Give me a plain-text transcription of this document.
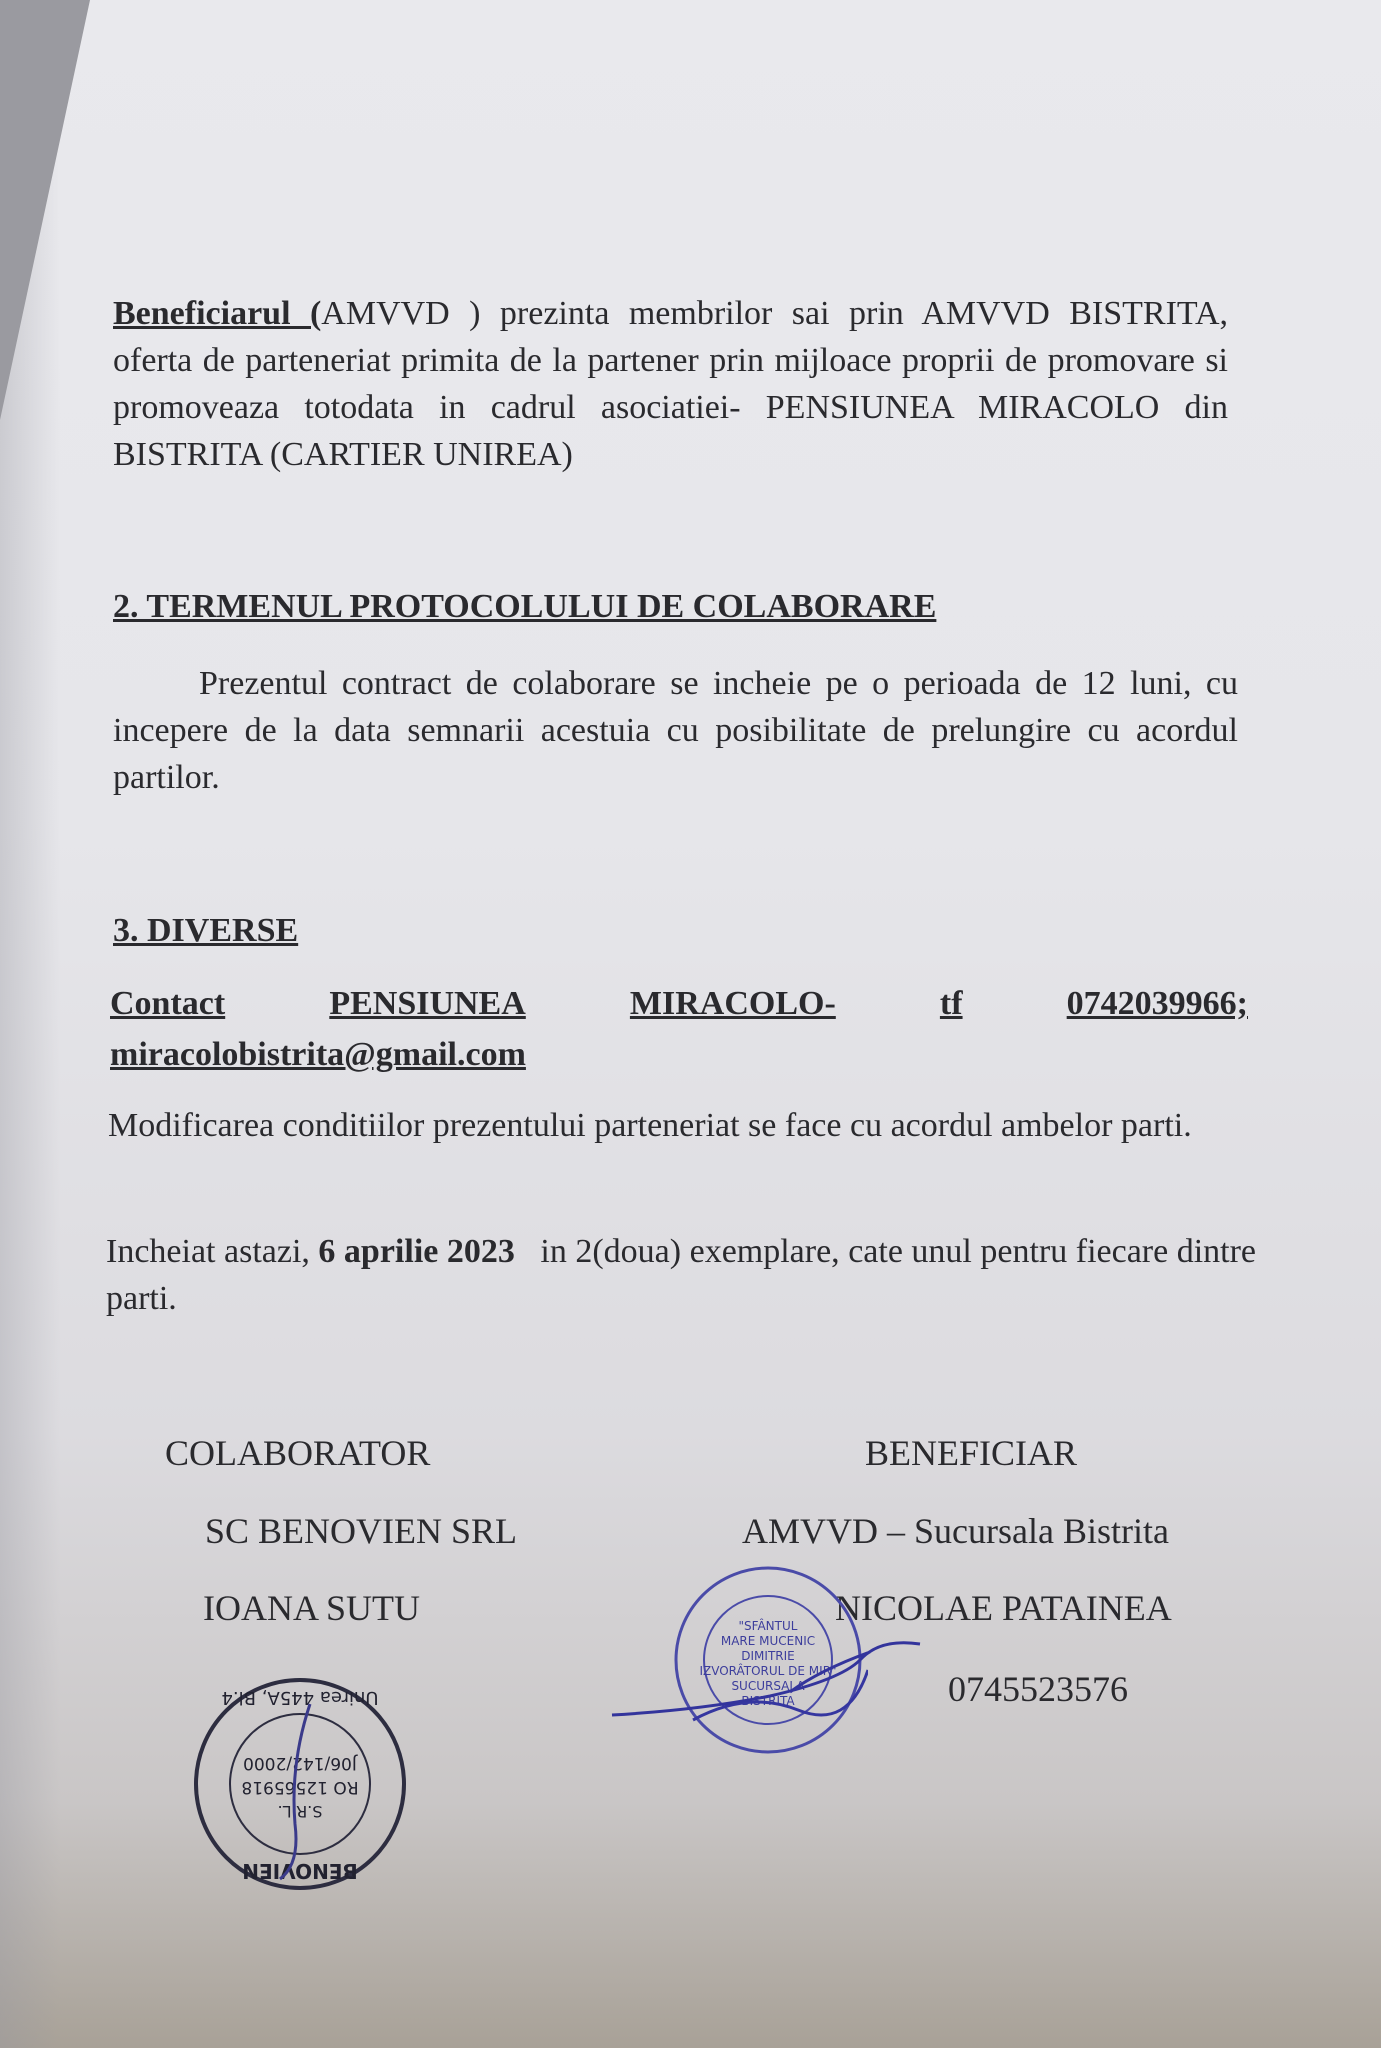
Beneficiarul (AMVVD ) prezinta membrilor sai prin AMVVD BISTRITA, oferta de parteneriat primita de la partener prin mijloace proprii de promovare si promoveaza totodata in cadrul asociatiei- PENSIUNEA MIRACOLO din BISTRITA (CARTIER UNIREA)
2. TERMENUL PROTOCOLULUI DE COLABORARE
Prezentul contract de colaborare se incheie pe o perioada de 12 luni, cu incepere de la data semnarii acestuia cu posibilitate de prelungire cu acordul partilor.
3. DIVERSE
Contact	PENSIUNEA	MIRACOLO-	tf	0742039966;
miracolobistrita@gmail.com
Modificarea conditiilor prezentului parteneriat se face cu acordul ambelor parti.
Incheiat astazi, 6 aprilie 2023 in 2(doua) exemplare, cate unul pentru fiecare dintre parti.
COLABORATOR
SC BENOVIEN SRL
IOANA SUTU
BENEFICIAR
AMVVD – Sucursala Bistrita
NICOLAE PATAINEA
0745523576
"SFÂNTUL
MARE MUCENIC
DIMITRIE
IZVORÂTORUL DE MIR"
SUCURSALA
BISTRITA
S.R.L.
RO 12565918
J06/142/2000
BENOVIEN
Unirea 445A, Bl.4
